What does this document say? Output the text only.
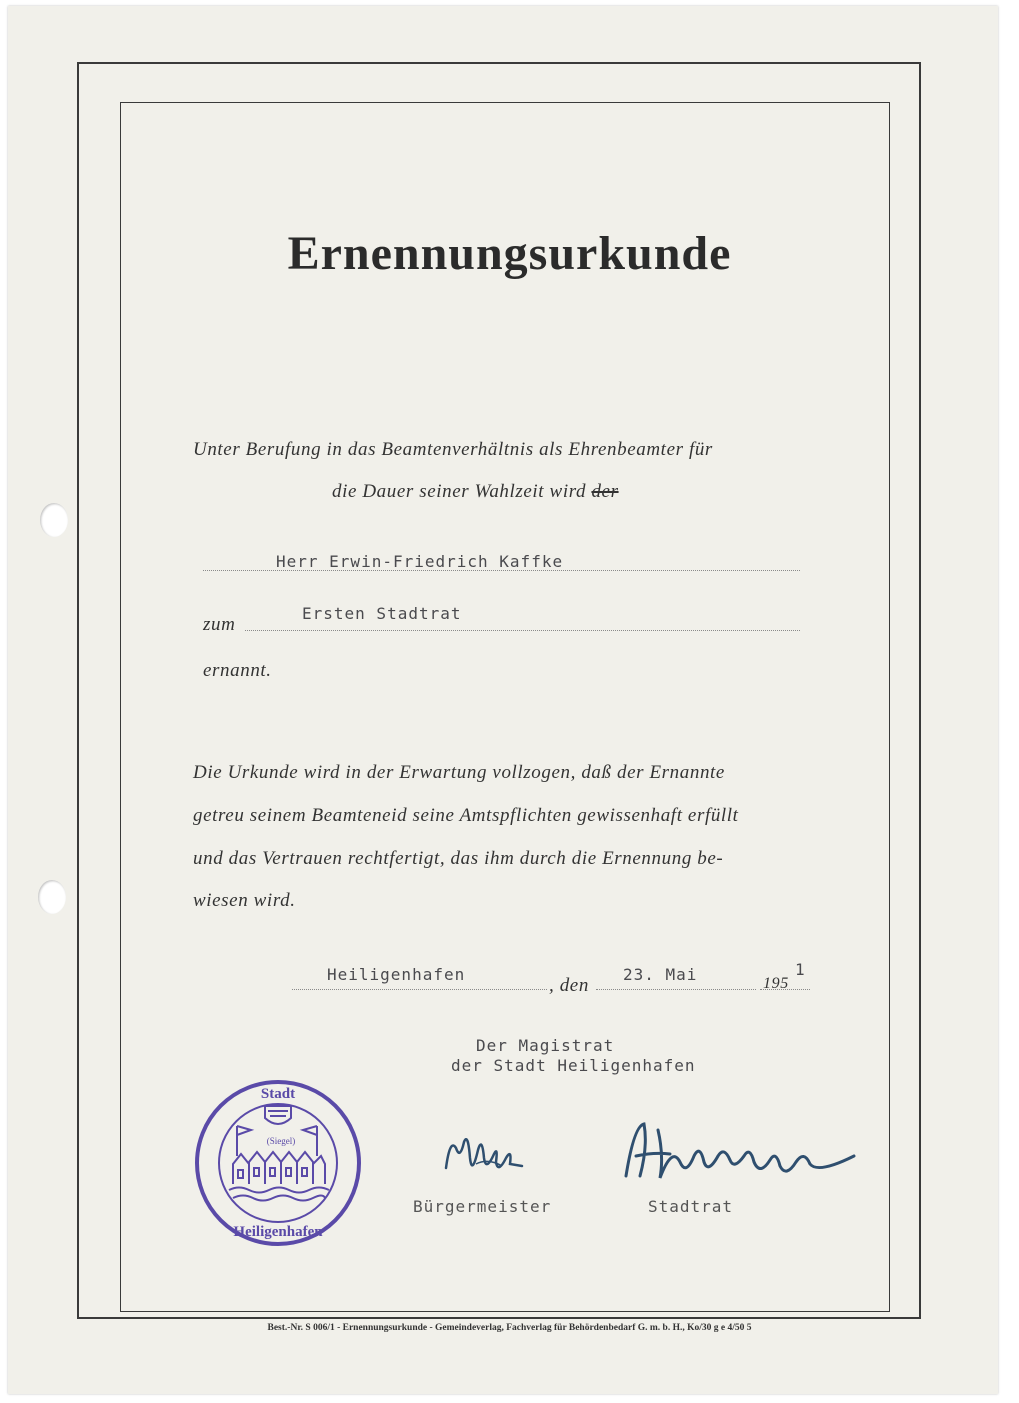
Ernennungsurkunde
Unter Berufung in das Beamtenverhältnis als Ehrenbeamter für
die Dauer seiner Wahlzeit wird der
Herr Erwin-Friedrich Kaffke
zum
Ersten Stadtrat
ernannt.
Die Urkunde wird in der Erwartung vollzogen, daß der Ernannte
getreu seinem Beamteneid seine Amtspflichten gewissenhaft erfüllt
und das Vertrauen rechtfertigt, das ihm durch die Ernennung be-
wiesen wird.
Heiligenhafen
, den
23. Mai	195
1
Der Magistrat
der Stadt Heiligenhafen
Stadt
(Siegel)
Heiligenhafen
Bürgermeister	Stadtrat
Best.-Nr. S 006/1 - Ernennungsurkunde - Gemeindeverlag, Fachverlag für Behördenbedarf G. m. b. H., Ko/30 g e 4/50 5
